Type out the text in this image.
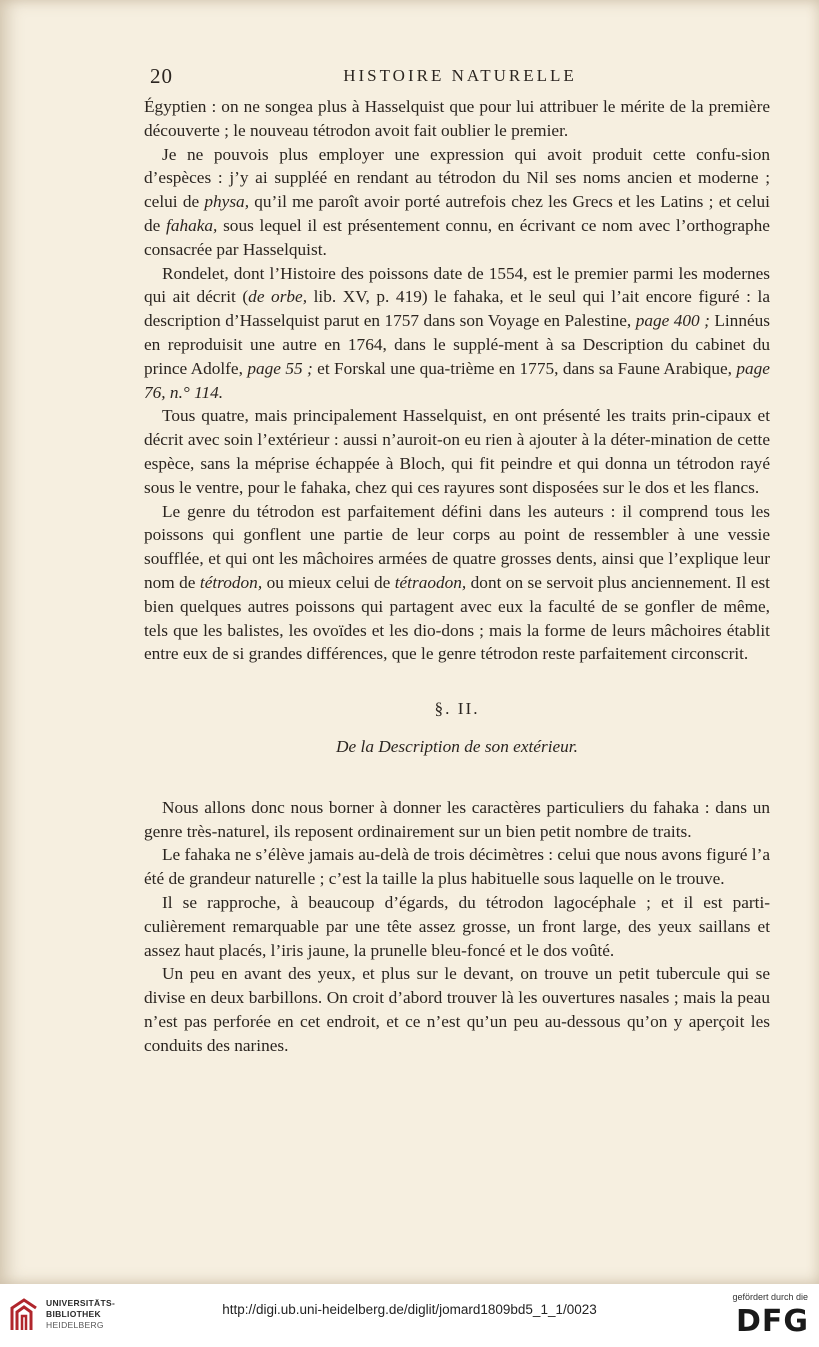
20	HISTOIRE NATURELLE

Égyptien : on ne songea plus à Hasselquist que pour lui attribuer le mérite de la première découverte ; le nouveau tétrodon avoit fait oublier le premier.

Je ne pouvois plus employer une expression qui avoit produit cette confu-sion d’espèces : j’y ai suppléé en rendant au tétrodon du Nil ses noms ancien et moderne ; celui de physa, qu’il me paroît avoir porté autrefois chez les Grecs et les Latins ; et celui de fahaka, sous lequel il est présentement connu, en écrivant ce nom avec l’orthographe consacrée par Hasselquist.

Rondelet, dont l’Histoire des poissons date de 1554, est le premier parmi les modernes qui ait décrit (de orbe, lib. XV, p. 419) le fahaka, et le seul qui l’ait encore figuré : la description d’Hasselquist parut en 1757 dans son Voyage en Palestine, page 400 ; Linnéus en reproduisit une autre en 1764, dans le supplé-ment à sa Description du cabinet du prince Adolfe, page 55 ; et Forskal une qua-trième en 1775, dans sa Faune Arabique, page 76, n.° 114.

Tous quatre, mais principalement Hasselquist, en ont présenté les traits prin-cipaux et décrit avec soin l’extérieur : aussi n’auroit-on eu rien à ajouter à la déter-mination de cette espèce, sans la méprise échappée à Bloch, qui fit peindre et qui donna un tétrodon rayé sous le ventre, pour le fahaka, chez qui ces rayures sont disposées sur le dos et les flancs.

Le genre du tétrodon est parfaitement défini dans les auteurs : il comprend tous les poissons qui gonflent une partie de leur corps au point de ressembler à une vessie soufflée, et qui ont les mâchoires armées de quatre grosses dents, ainsi que l’explique leur nom de tétrodon, ou mieux celui de tétraodon, dont on se servoit plus anciennement. Il est bien quelques autres poissons qui partagent avec eux la faculté de se gonfler de même, tels que les balistes, les ovoïdes et les dio-dons ; mais la forme de leurs mâchoires établit entre eux de si grandes différences, que le genre tétrodon reste parfaitement circonscrit.

§. II.

De la Description de son extérieur.

Nous allons donc nous borner à donner les caractères particuliers du fahaka : dans un genre très-naturel, ils reposent ordinairement sur un bien petit nombre de traits.

Le fahaka ne s’élève jamais au-delà de trois décimètres : celui que nous avons figuré l’a été de grandeur naturelle ; c’est la taille la plus habituelle sous laquelle on le trouve.

Il se rapproche, à beaucoup d’égards, du tétrodon lagocéphale ; et il est parti-culièrement remarquable par une tête assez grosse, un front large, des yeux saillans et assez haut placés, l’iris jaune, la prunelle bleu-foncé et le dos voûté.

Un peu en avant des yeux, et plus sur le devant, on trouve un petit tubercule qui se divise en deux barbillons. On croit d’abord trouver là les ouvertures nasales ; mais la peau n’est pas perforée en cet endroit, et ce n’est qu’un peu au-dessous qu’on y aperçoit les conduits des narines.

UNIVERSITÄTS-
BIBLIOTHEK
HEIDELBERG
http://digi.ub.uni-heidelberg.de/diglit/jomard1809bd5_1_1/0023
gefördert durch die
DFG
